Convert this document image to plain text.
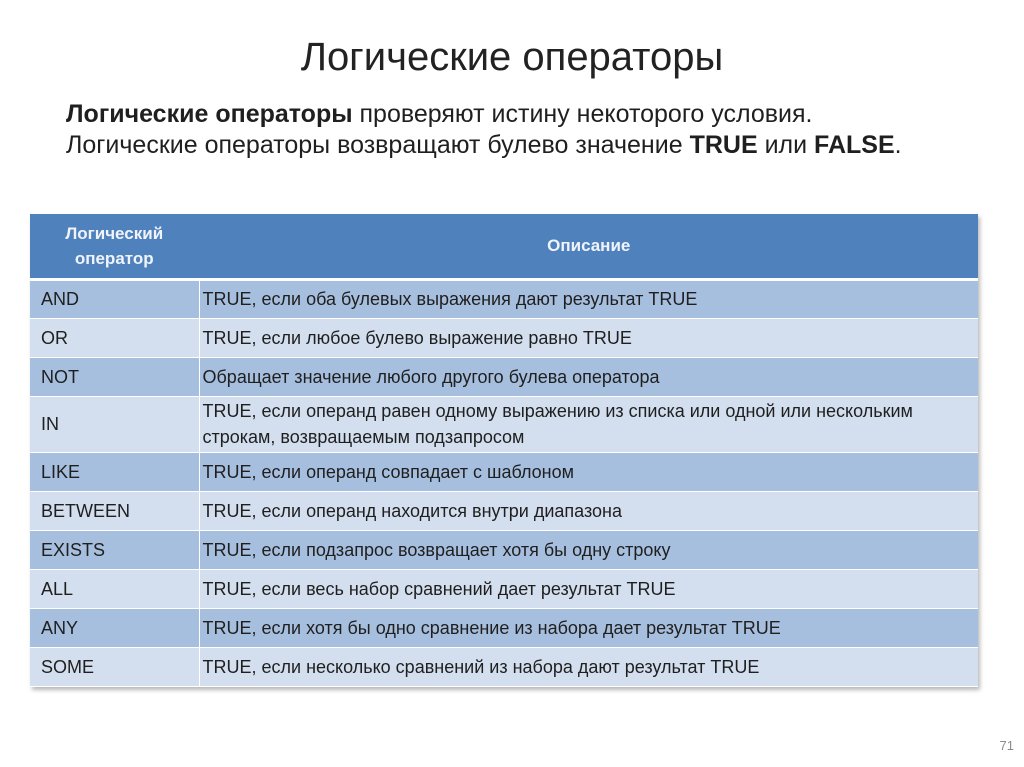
Логические операторы
Логические операторы проверяют истину некоторого условия. Логические операторы возвращают булево значение TRUE или FALSE.
Логический оператор	Описание
AND	TRUE, если оба булевых выражения дают результат TRUE
OR	TRUE, если любое булево выражение равно TRUE
NOT	Обращает значение любого другого булева оператора
IN	TRUE, если операнд равен одному выражению из списка или одной или нескольким строкам, возвращаемым подзапросом
LIKE	TRUE, если операнд совпадает с шаблоном
BETWEEN	TRUE, если операнд находится внутри диапазона
EXISTS	TRUE, если подзапрос возвращает хотя бы одну строку
ALL	TRUE, если весь набор сравнений дает результат TRUE
ANY	TRUE, если хотя бы одно сравнение из набора дает результат TRUE
SOME	TRUE, если несколько сравнений из набора дают результат TRUE
71
